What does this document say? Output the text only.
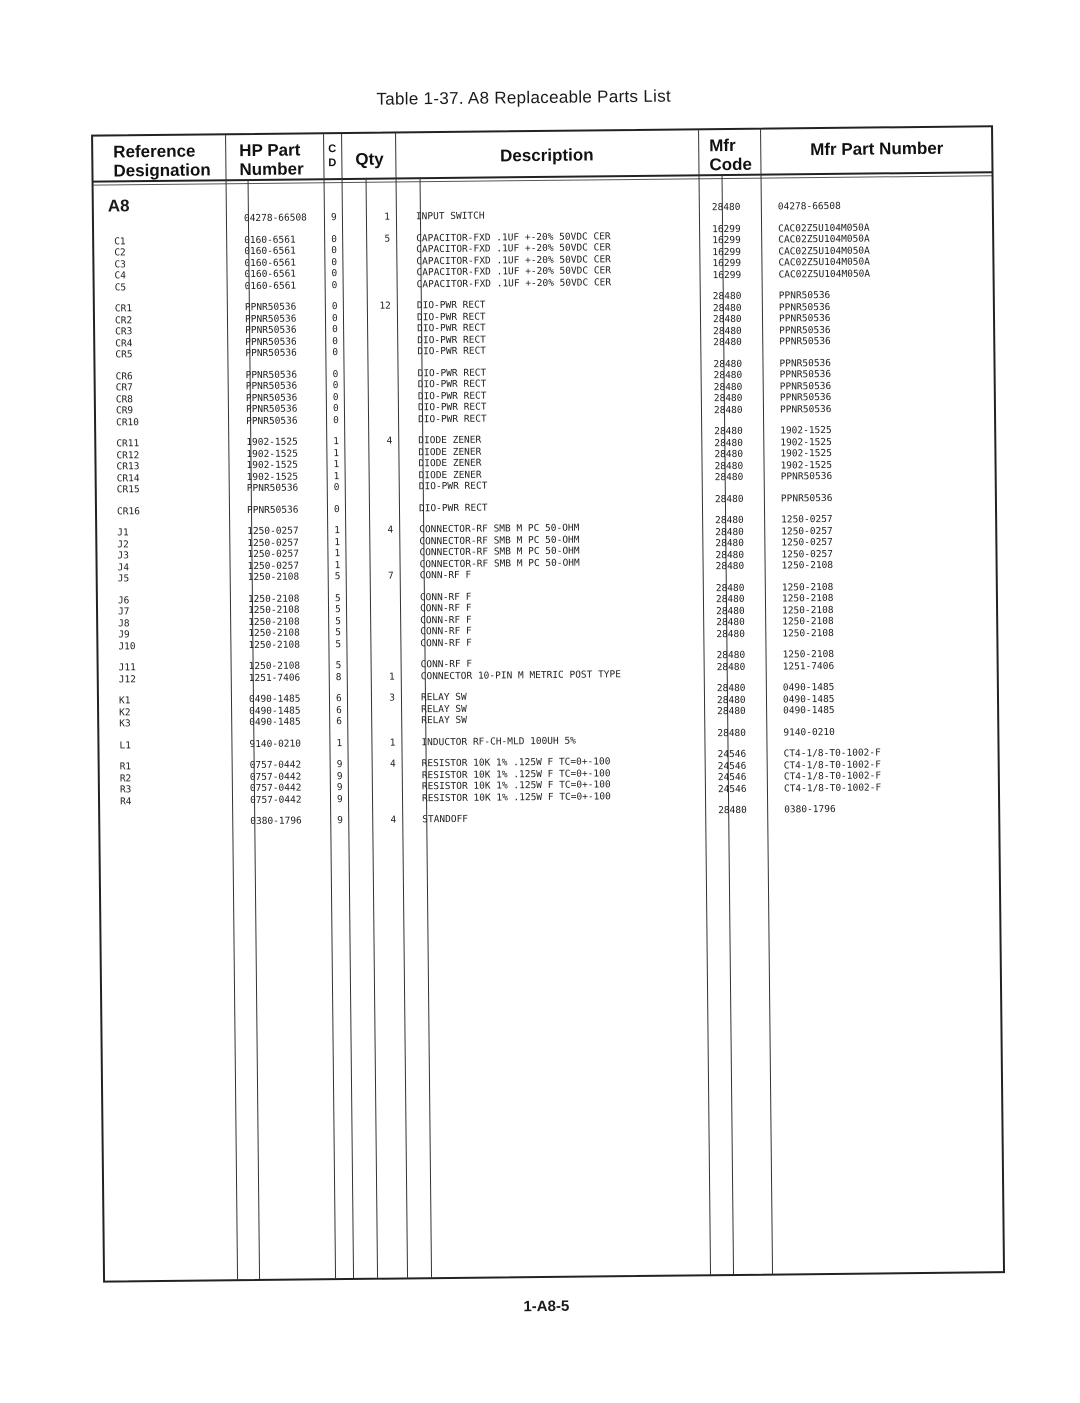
Table 1-37. A8 Replaceable Parts List
Reference
Designation
HP Part
Number
C
D Qty	Description	Mfr
Code
Mfr Part Number
A8
C1
C2
C3
C4
C5
CR1
CR2
CR3
CR4
CR5
CR6
CR7
CR8
CR9
CR10
CR11
CR12
CR13
CR14
CR15
CR16
J1
J2
J3
J4
J5
J6
J7
J8
J9
J10
J11
J12
K1
K2
K3
L1
R1
R2
R3
R4
04278-66508
0160-6561
0160-6561
0160-6561
0160-6561
0160-6561
PPNR50536
PPNR50536
PPNR50536
PPNR50536
PPNR50536
PPNR50536
PPNR50536
PPNR50536
PPNR50536
PPNR50536
1902-1525
1902-1525
1902-1525
1902-1525
PPNR50536
PPNR50536
1250-0257
1250-0257
1250-0257
1250-0257
1250-2108
1250-2108
1250-2108
1250-2108
1250-2108
1250-2108
1250-2108
1251-7406
0490-1485
0490-1485
0490-1485
9140-0210
0757-0442
0757-0442
0757-0442
0757-0442
0380-1796
9
0
0
0
0
0
0
0
0
0
0
0
0
0
0
0
1
1
1
1
0
0
1
1
1
1
5
5
5
5
5
5
5
8
6
6
6
1
9
9
9
9
9
1
5
12
4
4
7
1
3
1
4
4
INPUT SWITCH
CAPACITOR-FXD .1UF +-20% 50VDC CER
CAPACITOR-FXD .1UF +-20% 50VDC CER
CAPACITOR-FXD .1UF +-20% 50VDC CER
CAPACITOR-FXD .1UF +-20% 50VDC CER
CAPACITOR-FXD .1UF +-20% 50VDC CER
DIO-PWR RECT
DIO-PWR RECT
DIO-PWR RECT
DIO-PWR RECT
DIO-PWR RECT
DIO-PWR RECT
DIO-PWR RECT
DIO-PWR RECT
DIO-PWR RECT
DIO-PWR RECT
DIODE ZENER
DIODE ZENER
DIODE ZENER
DIODE ZENER
DIO-PWR RECT
DIO-PWR RECT
CONNECTOR-RF SMB M PC 50-OHM
CONNECTOR-RF SMB M PC 50-OHM
CONNECTOR-RF SMB M PC 50-OHM
CONNECTOR-RF SMB M PC 50-OHM
CONN-RF F
CONN-RF F
CONN-RF F
CONN-RF F
CONN-RF F
CONN-RF F
CONN-RF F
CONNECTOR 10-PIN M METRIC POST TYPE
RELAY SW
RELAY SW
RELAY SW
INDUCTOR RF-CH-MLD 100UH 5%
RESISTOR 10K 1% .125W F TC=0+-100
RESISTOR 10K 1% .125W F TC=0+-100
RESISTOR 10K 1% .125W F TC=0+-100
RESISTOR 10K 1% .125W F TC=0+-100
STANDOFF
28480
16299
16299
16299
16299
16299
28480
28480
28480
28480
28480
28480
28480
28480
28480
28480
28480
28480
28480
28480
28480
28480
28480
28480
28480
28480
28480
28480
28480
28480
28480
28480
28480
28480
28480
28480
28480
28480
24546
24546
24546
24546
28480
04278-66508
CAC02Z5U104M050A
CAC02Z5U104M050A
CAC02Z5U104M050A
CAC02Z5U104M050A
CAC02Z5U104M050A
PPNR50536
PPNR50536
PPNR50536
PPNR50536
PPNR50536
PPNR50536
PPNR50536
PPNR50536
PPNR50536
PPNR50536
1902-1525
1902-1525
1902-1525
1902-1525
PPNR50536
PPNR50536
1250-0257
1250-0257
1250-0257
1250-0257
1250-2108
1250-2108
1250-2108
1250-2108
1250-2108
1250-2108
1250-2108
1251-7406
0490-1485
0490-1485
0490-1485
9140-0210
CT4-1/8-T0-1002-F
CT4-1/8-T0-1002-F
CT4-1/8-T0-1002-F
CT4-1/8-T0-1002-F
0380-1796
1-A8-5
